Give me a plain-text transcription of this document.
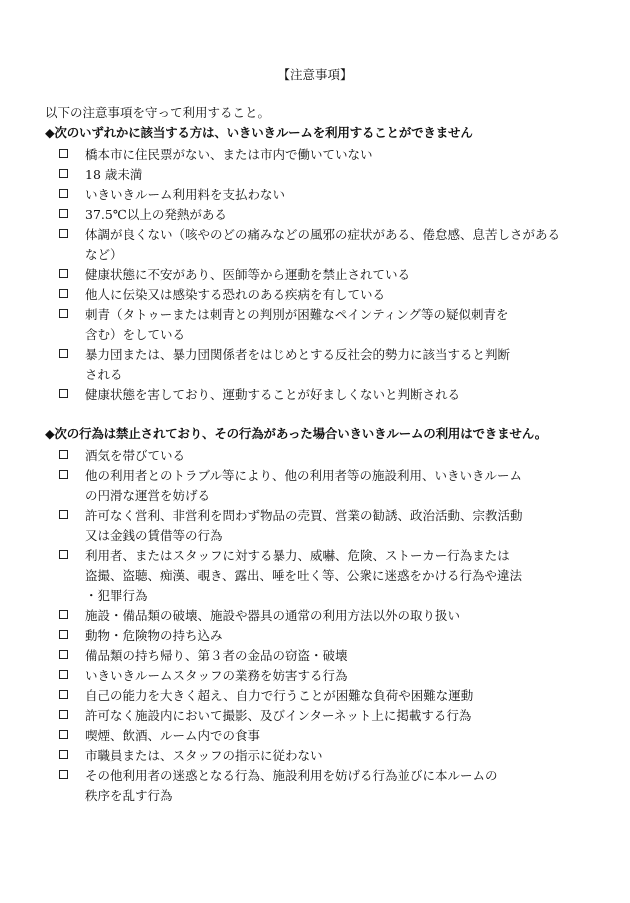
【注意事項】
以下の注意事項を守って利用すること。
◆次のいずれかに該当する方は、いきいきルームを利用することができません
橋本市に住民票がない、または市内で働いていない
18 歳未満
いきいきルーム利用料を支払わない
37.5℃以上の発熱がある
体調が良くない（咳やのどの痛みなどの風邪の症状がある、倦怠感、息苦しさがある
など）
健康状態に不安があり、医師等から運動を禁止されている
他人に伝染又は感染する恐れのある疾病を有している
刺青（タトゥーまたは刺青との判別が困難なペインティング等の疑似刺青を
含む）をしている
暴力団または、暴力団関係者をはじめとする反社会的勢力に該当すると判断
される
健康状態を害しており、運動することが好ましくないと判断される
◆次の行為は禁止されており、その行為があった場合いきいきルームの利用はできません。
酒気を帯びている
他の利用者とのトラブル等により、他の利用者等の施設利用、いきいきルーム
の円滑な運営を妨げる
許可なく営利、非営利を問わず物品の売買、営業の勧誘、政治活動、宗教活動
又は金銭の賃借等の行為
利用者、またはスタッフに対する暴力、威嚇、危険、ストーカー行為または
盗撮、盗聴、痴漢、覗き、露出、唾を吐く等、公衆に迷惑をかける行為や違法
・犯罪行為
施設・備品類の破壊、施設や器具の通常の利用方法以外の取り扱い
動物・危険物の持ち込み
備品類の持ち帰り、第３者の金品の窃盗・破壊
いきいきルームスタッフの業務を妨害する行為
自己の能力を大きく超え、自力で行うことが困難な負荷や困難な運動
許可なく施設内において撮影、及びインターネット上に掲載する行為
喫煙、飲酒、ルーム内での食事
市職員または、スタッフの指示に従わない
その他利用者の迷惑となる行為、施設利用を妨げる行為並びに本ルームの
秩序を乱す行為
